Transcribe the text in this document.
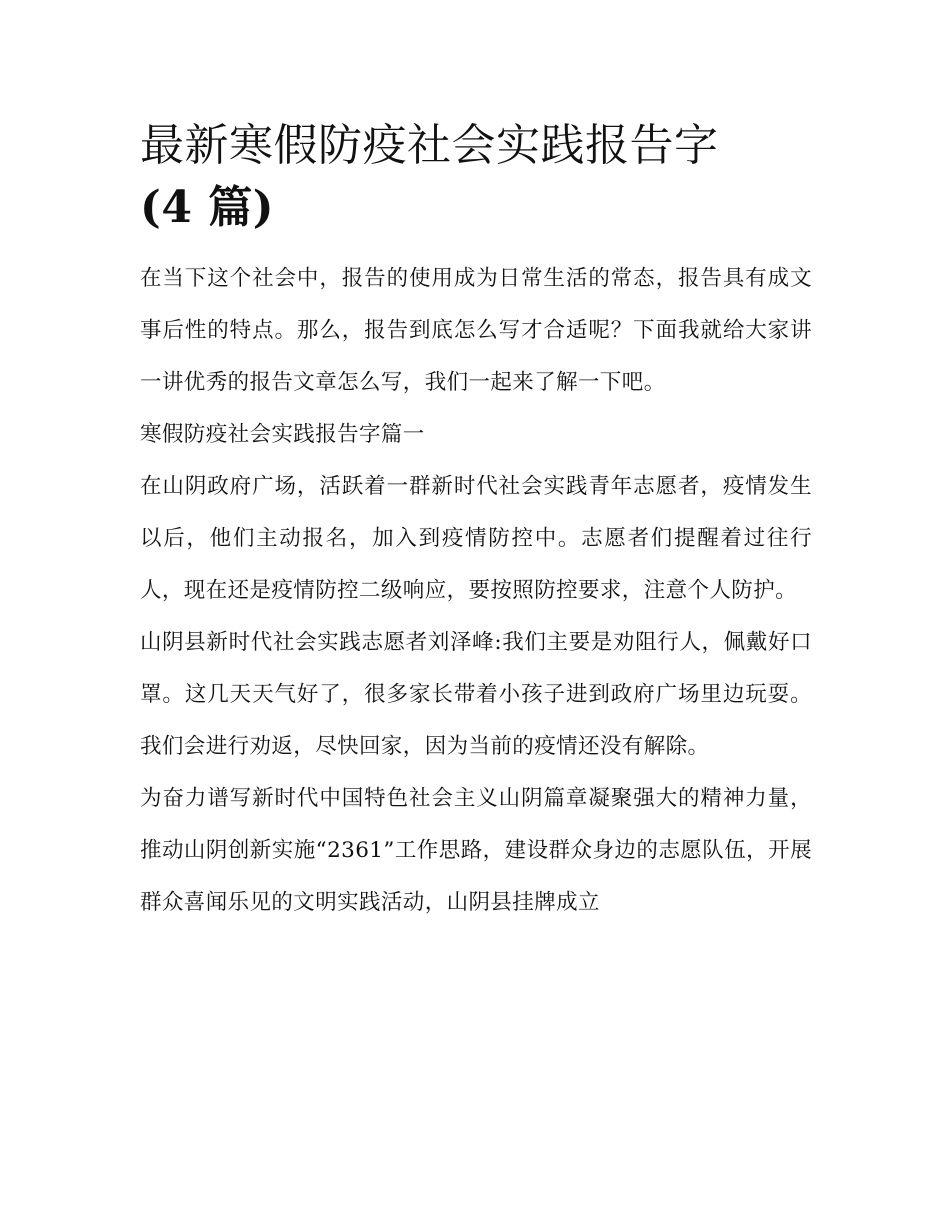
最新寒假防疫社会实践报告字
(4 篇)

在当下这个社会中，报告的使用成为日常生活的常态，报告具有成文事后性的特点。那么，报告到底怎么写才合适呢？下面我就给大家讲一讲优秀的报告文章怎么写，我们一起来了解一下吧。

寒假防疫社会实践报告字篇一

在山阴政府广场，活跃着一群新时代社会实践青年志愿者，疫情发生以后，他们主动报名，加入到疫情防控中。志愿者们提醒着过往行人，现在还是疫情防控二级响应，要按照防控要求，注意个人防护。

山阴县新时代社会实践志愿者刘泽峰:我们主要是劝阻行人，佩戴好口罩。这几天天气好了，很多家长带着小孩子进到政府广场里边玩耍。我们会进行劝返，尽快回家，因为当前的疫情还没有解除。

为奋力谱写新时代中国特色社会主义山阴篇章凝聚强大的精神力量，推动山阴创新实施“2361”工作思路，建设群众身边的志愿队伍，开展群众喜闻乐见的文明实践活动，山阴县挂牌成立
